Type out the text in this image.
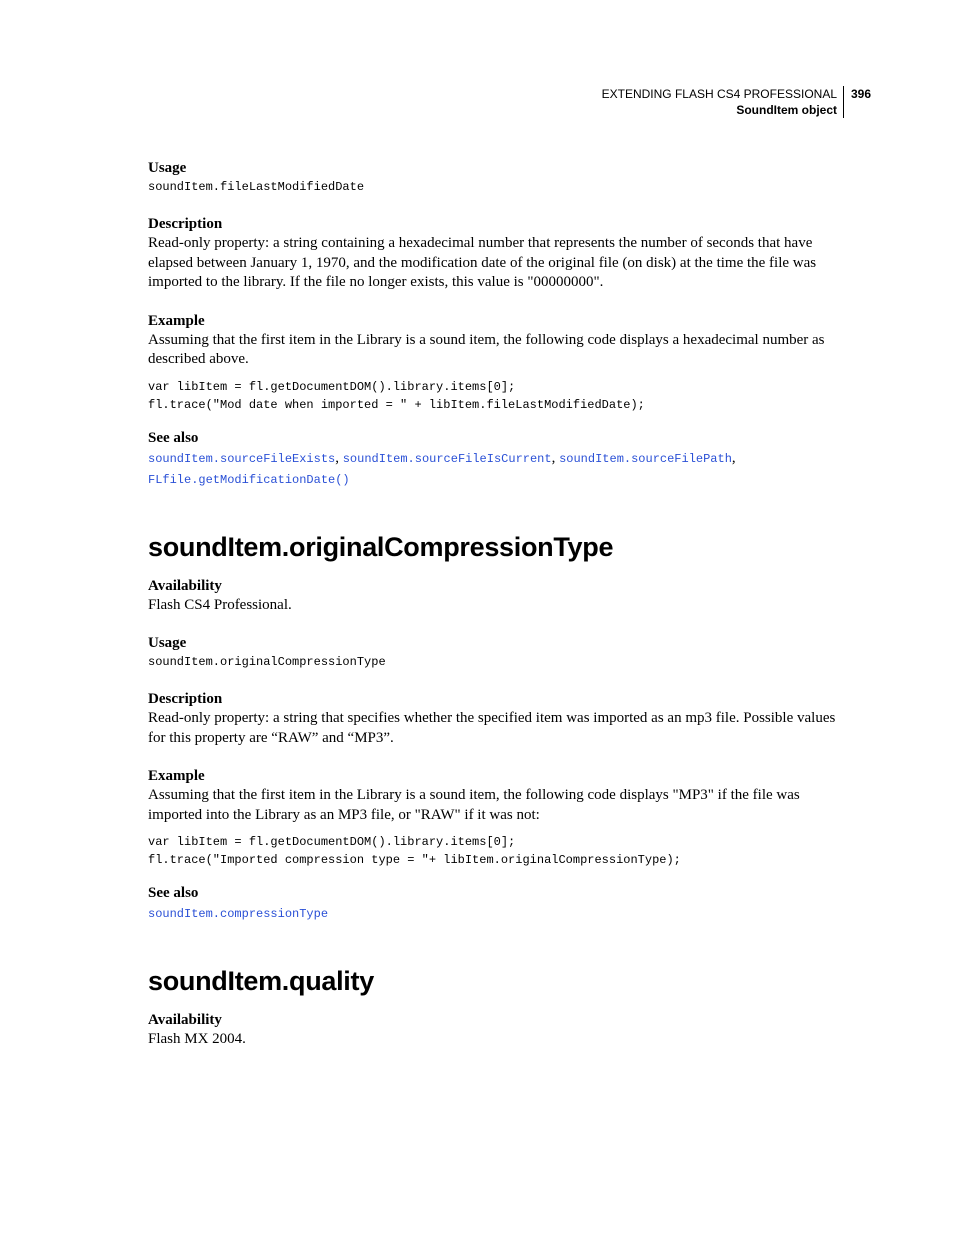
EXTENDING FLASH CS4 PROFESSIONAL
SoundItem object
396

Usage

soundItem.fileLastModifiedDate

Description

Read-only property: a string containing a hexadecimal number that represents the number of seconds that have elapsed between January 1, 1970, and the modification date of the original file (on disk) at the time the file was imported to the library. If the file no longer exists, this value is "00000000".

Example

Assuming that the first item in the Library is a sound item, the following code displays a hexadecimal number as described above.

var libItem = fl.getDocumentDOM().library.items[0];

fl.trace("Mod date when imported = " + libItem.fileLastModifiedDate);

See also

soundItem.sourceFileExists, soundItem.sourceFileIsCurrent, soundItem.sourceFilePath,
FLfile.getModificationDate()

soundItem.originalCompressionType

Availability

Flash CS4 Professional.

Usage

soundItem.originalCompressionType

Description

Read-only property: a string that specifies whether the specified item was imported as an mp3 file. Possible values for this property are “RAW” and “MP3”.

Example

Assuming that the first item in the Library is a sound item, the following code displays "MP3" if the file was imported into the Library as an MP3 file, or "RAW" if it was not:

var libItem = fl.getDocumentDOM().library.items[0];

fl.trace("Imported compression type = "+ libItem.originalCompressionType);

See also

soundItem.compressionType

soundItem.quality

Availability

Flash MX 2004.
